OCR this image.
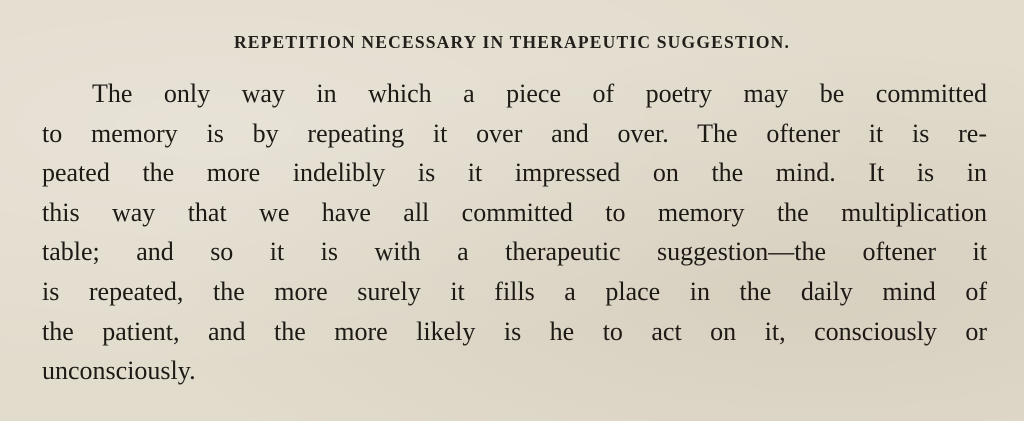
REPETITION NECESSARY IN THERAPEUTIC SUGGESTION.
The only way in which a piece of poetry may be committed
to memory is by repeating it over and over. The oftener it is re-
peated the more indelibly is it impressed on the mind. It is in
this way that we have all committed to memory the multiplication
table; and so it is with a therapeutic suggestion—the oftener it
is repeated, the more surely it fills a place in the daily mind of
the patient, and the more likely is he to act on it, consciously or
unconsciously.
